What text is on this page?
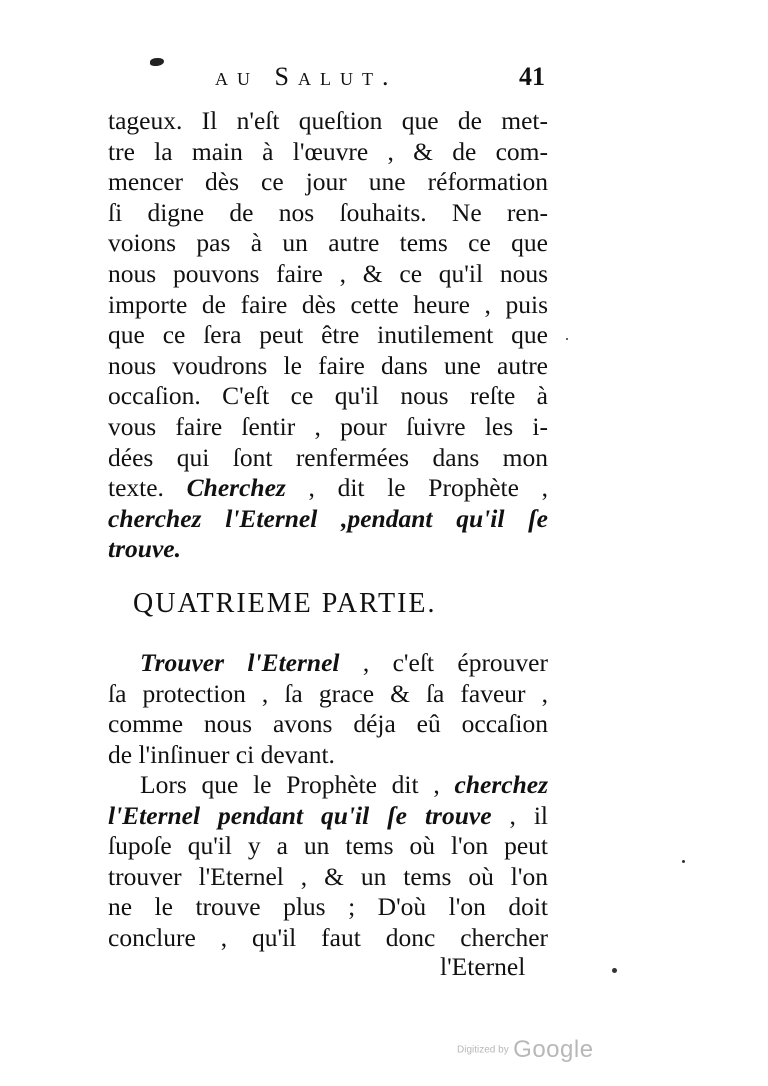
au Salut.	41
tageux. Il n'eſt queſtion que de met-
tre la main à l'œuvre , & de com-
mencer dès ce jour une réformation
ſi digne de nos ſouhaits. Ne ren-
voions pas à un autre tems ce que
nous pouvons faire , & ce qu'il nous
importe de faire dès cette heure , puis
que ce ſera peut être inutilement que
nous voudrons le faire dans une autre
occaſion. C'eſt ce qu'il nous reſte à
vous faire ſentir , pour ſuivre les i-
dées qui ſont renfermées dans mon
texte. Cherchez , dit le Prophète ,
cherchez l'Eternel ,pendant qu'il ſe
trouve.
QUATRIEME PARTIE.
Trouver l'Eternel , c'eſt éprouver
ſa protection , ſa grace & ſa faveur ,
comme nous avons déja eû occaſion
de l'inſinuer ci devant.
Lors que le Prophète dit , cherchez
l'Eternel pendant qu'il ſe trouve , il
ſupoſe qu'il y a un tems où l'on peut
trouver l'Eternel , & un tems où l'on
ne le trouve plus ; D'où l'on doit
conclure , qu'il faut donc chercher
l'Eternel
Digitized by Google
